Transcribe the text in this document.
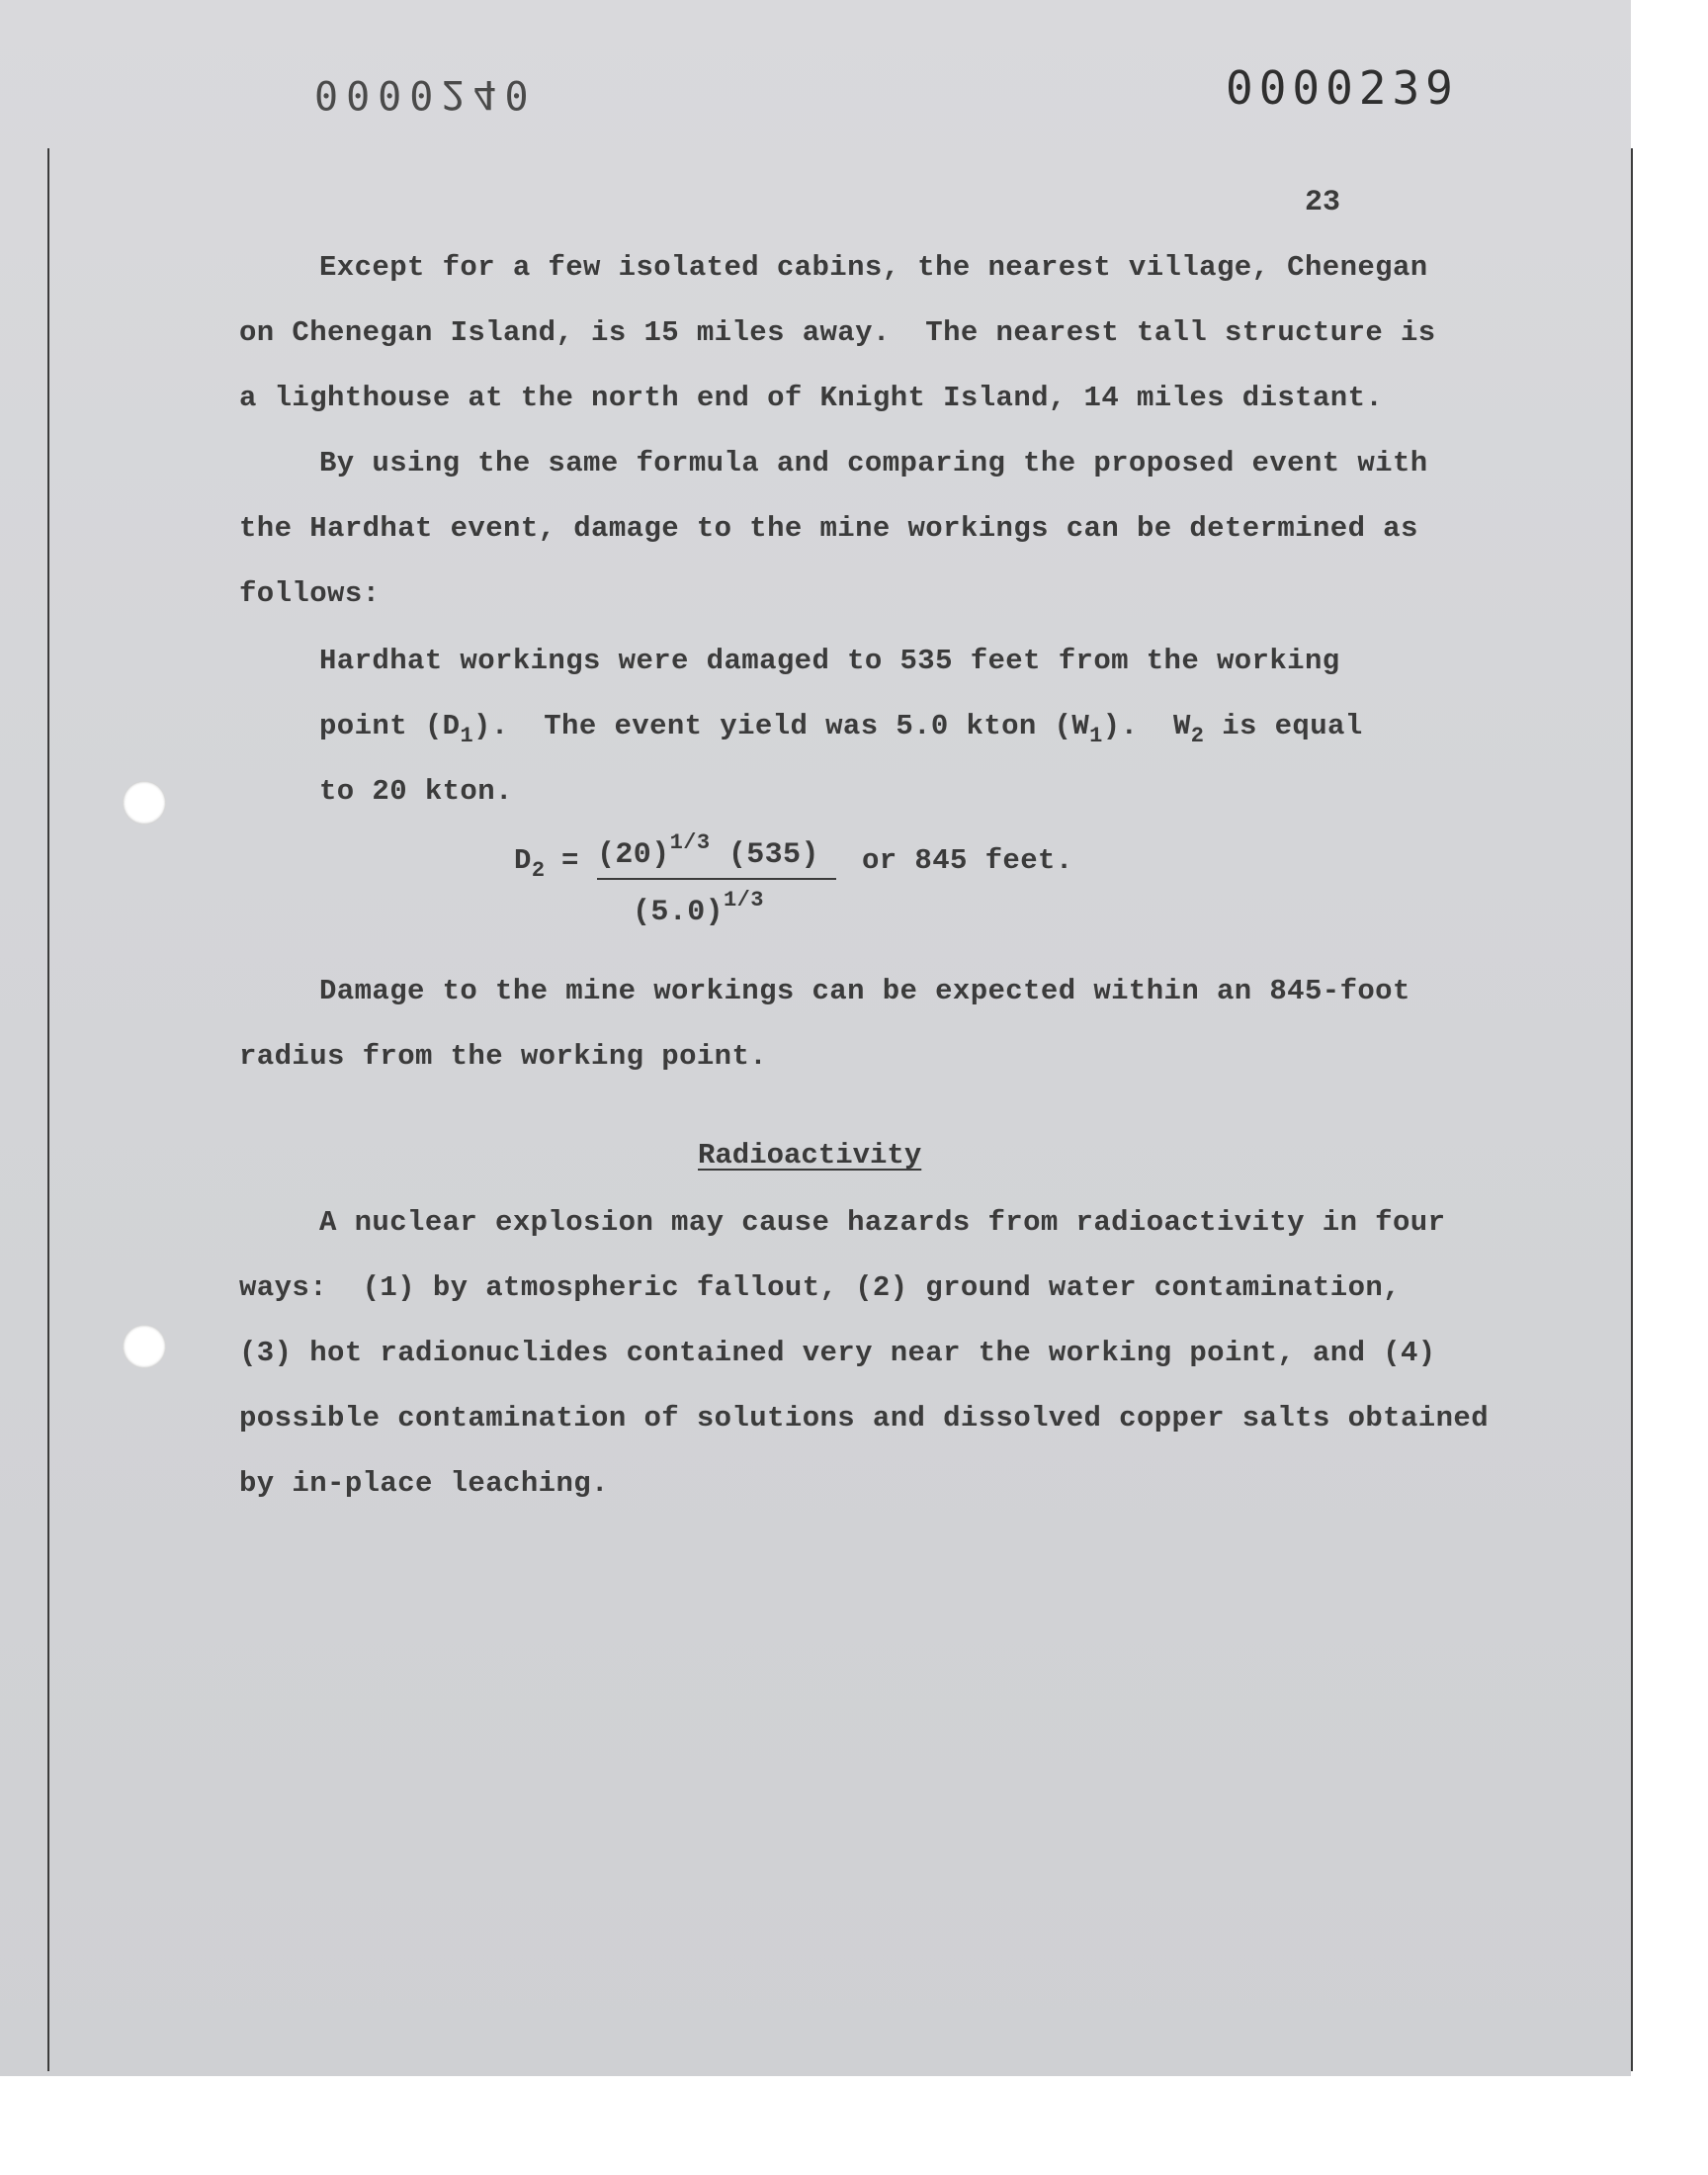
0000240	0000239
23
Except for a few isolated cabins, the nearest village, Chenegan
on Chenegan Island, is 15 miles away.  The nearest tall structure is
a lighthouse at the north end of Knight Island, 14 miles distant.
By using the same formula and comparing the proposed event with
the Hardhat event, damage to the mine workings can be determined as
follows:
Hardhat workings were damaged to 535 feet from the working
point $(D_1)$.  The event yield was 5.0 kton $(W_1)$.  $W_2$ is equal
to 20 kton.

$D_2$

=

$(20)^{1/3}$ (535)

$(5.0)^{1/3}$

or 845 feet.

Damage to the mine workings can be expected within an 845-foot
radius from the working point.
Radioactivity
A nuclear explosion may cause hazards from radioactivity in four
ways:  (1) by atmospheric fallout, (2) ground water contamination,
(3) hot radionuclides contained very near the working point, and (4)
possible contamination of solutions and dissolved copper salts obtained
by in-place leaching.
